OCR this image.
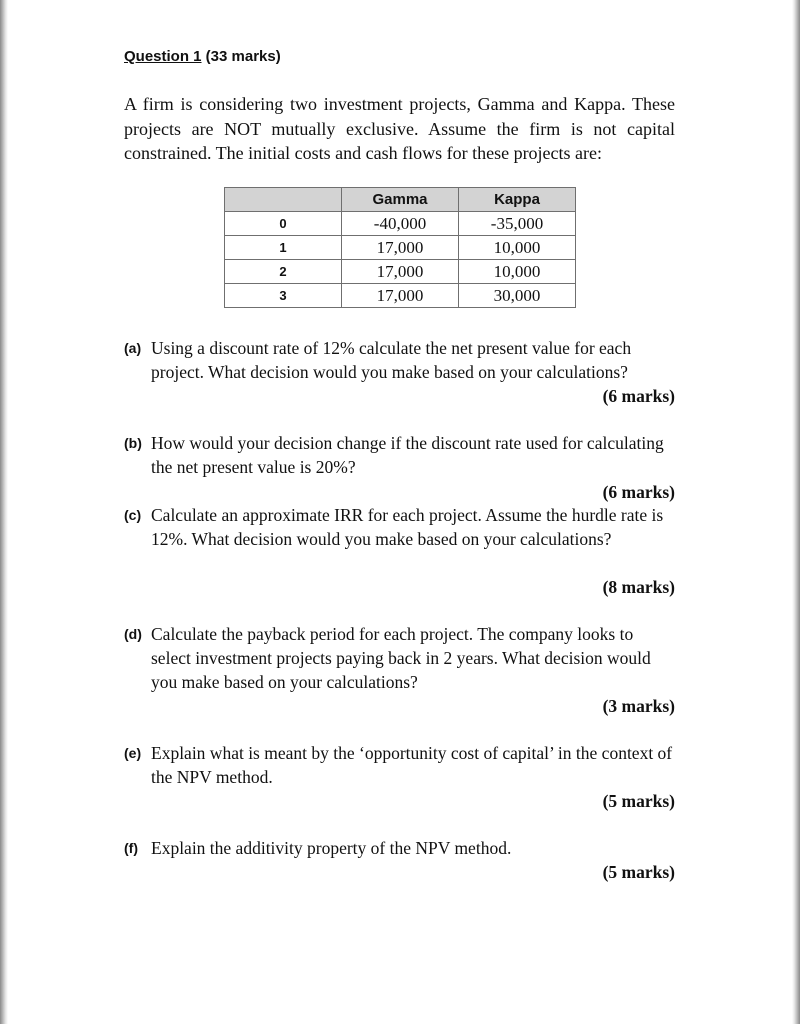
Question 1 (33 marks)
A firm is considering two investment projects, Gamma and Kappa. These projects are NOT mutually exclusive. Assume the firm is not capital constrained. The initial costs and cash flows for these projects are:
	Gamma	Kappa
0	-40,000	-35,000
1	17,000	10,000
2	17,000	10,000
3	17,000	30,000
(a) Using a discount rate of 12% calculate the net present value for each project. What decision would you make based on your calculations?
(6 marks)
(b) How would your decision change if the discount rate used for calculating the net present value is 20%?
(6 marks)
(c) Calculate an approximate IRR for each project. Assume the hurdle rate is 12%. What decision would you make based on your calculations?
(8 marks)
(d) Calculate the payback period for each project. The company looks to select investment projects paying back in 2 years. What decision would you make based on your calculations?
(3 marks)
(e) Explain what is meant by the ‘opportunity cost of capital’ in the context of the NPV method.
(5 marks)
(f) Explain the additivity property of the NPV method.
(5 marks)
